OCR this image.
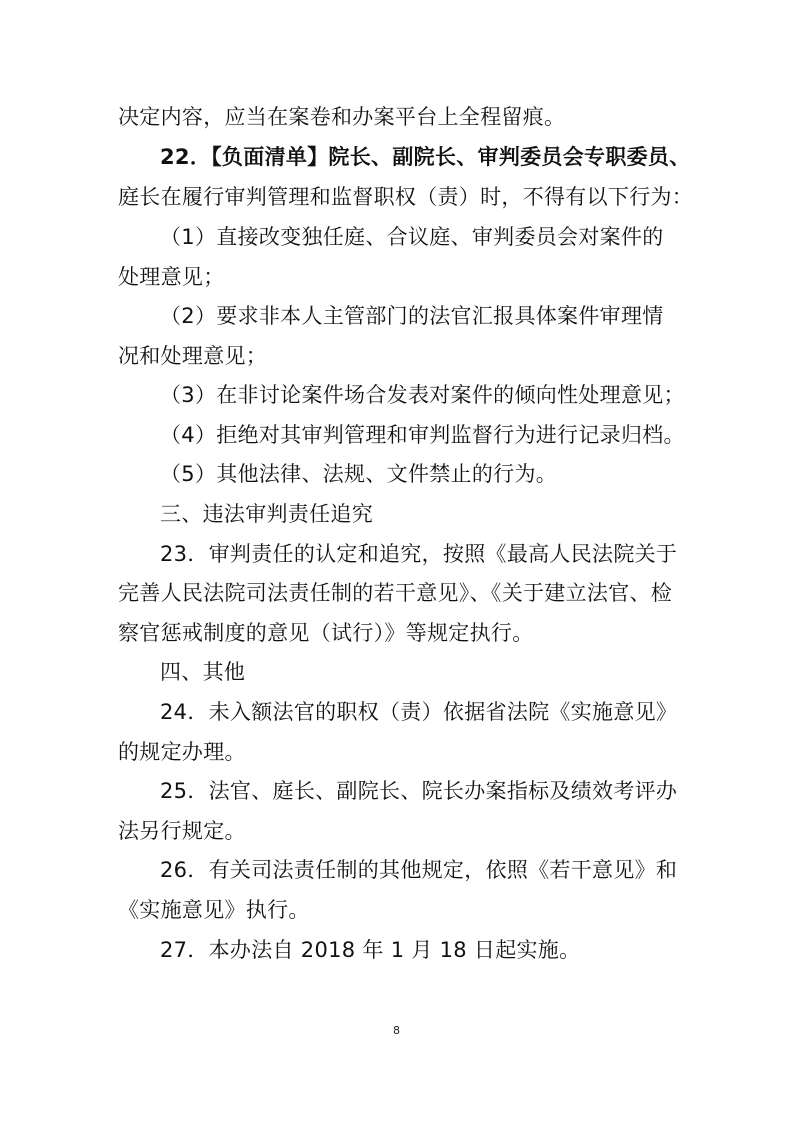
决定内容，应当在案卷和办案平台上全程留痕。
22．【负面清单】院长、副院长、审判委员会专职委员、
庭长在履行审判管理和监督职权（责）时，不得有以下行为：
（1）直接改变独任庭、合议庭、审判委员会对案件的
处理意见；
（2）要求非本人主管部门的法官汇报具体案件审理情
况和处理意见；
（3）在非讨论案件场合发表对案件的倾向性处理意见；
（4）拒绝对其审判管理和审判监督行为进行记录归档。
（5）其他法律、法规、文件禁止的行为。
三、违法审判责任追究
23．审判责任的认定和追究，按照《最高人民法院关于
完善人民法院司法责任制的若干意见》、《关于建立法官、检
察官惩戒制度的意见（试行）》等规定执行。
四、其他
24．未入额法官的职权（责）依据省法院《实施意见》
的规定办理。
25．法官、庭长、副院长、院长办案指标及绩效考评办
法另行规定。
26．有关司法责任制的其他规定，依照《若干意见》和
《实施意见》执行。
27．本办法自 2018 年 1 月 18 日起实施。
8
